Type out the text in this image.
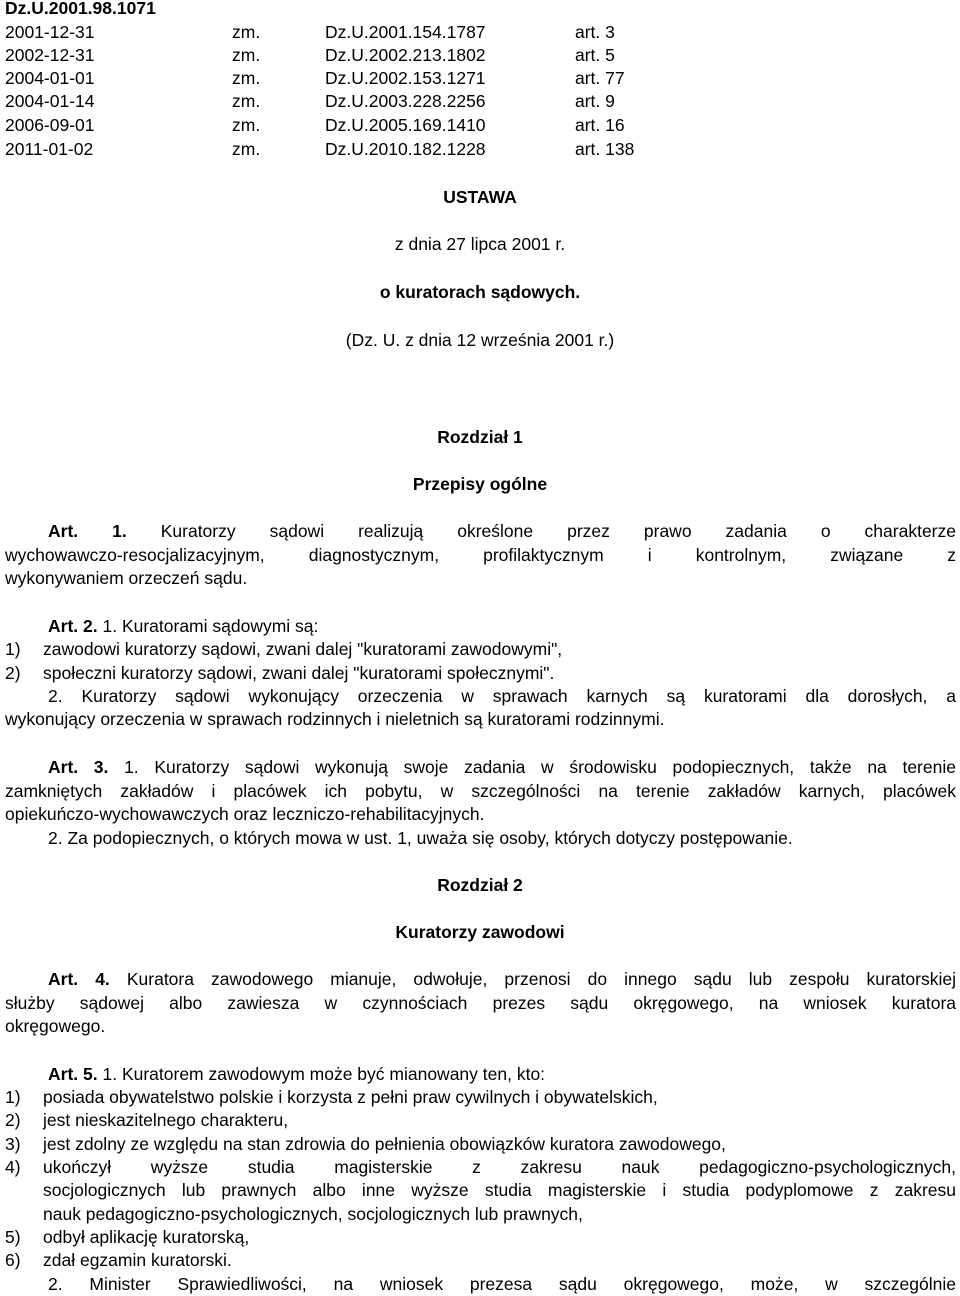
Dz.U.2001.98.1071
2001-12-31	zm.	Dz.U.2001.154.1787	art. 3
2002-12-31	zm.	Dz.U.2002.213.1802	art. 5
2004-01-01	zm.	Dz.U.2002.153.1271	art. 77
2004-01-14	zm.	Dz.U.2003.228.2256	art. 9
2006-09-01	zm.	Dz.U.2005.169.1410	art. 16
2011-01-02	zm.	Dz.U.2010.182.1228	art. 138
USTAWA
z dnia 27 lipca 2001 r.
o kuratorach sądowych.
(Dz. U. z dnia 12 września 2001 r.)
Rozdział 1
Przepisy ogólne
Art. 1. Kuratorzy sądowi realizują określone przez prawo zadania o charakterze
wychowawczo-resocjalizacyjnym, diagnostycznym, profilaktycznym i kontrolnym, związane z
wykonywaniem orzeczeń sądu.
Art. 2. 1. Kuratorami sądowymi są:
1) zawodowi kuratorzy sądowi, zwani dalej "kuratorami zawodowymi",
2) społeczni kuratorzy sądowi, zwani dalej "kuratorami społecznymi".
2. Kuratorzy sądowi wykonujący orzeczenia w sprawach karnych są kuratorami dla dorosłych, a
wykonujący orzeczenia w sprawach rodzinnych i nieletnich są kuratorami rodzinnymi.
Art. 3. 1. Kuratorzy sądowi wykonują swoje zadania w środowisku podopiecznych, także na terenie
zamkniętych zakładów i placówek ich pobytu, w szczególności na terenie zakładów karnych, placówek
opiekuńczo-wychowawczych oraz leczniczo-rehabilitacyjnych.
2. Za podopiecznych, o których mowa w ust. 1, uważa się osoby, których dotyczy postępowanie.
Rozdział 2
Kuratorzy zawodowi
Art. 4. Kuratora zawodowego mianuje, odwołuje, przenosi do innego sądu lub zespołu kuratorskiej
służby sądowej albo zawiesza w czynnościach prezes sądu okręgowego, na wniosek kuratora
okręgowego.
Art. 5. 1. Kuratorem zawodowym może być mianowany ten, kto:
1) posiada obywatelstwo polskie i korzysta z pełni praw cywilnych i obywatelskich,
2) jest nieskazitelnego charakteru,
3) jest zdolny ze względu na stan zdrowia do pełnienia obowiązków kuratora zawodowego,
4) ukończył wyższe studia magisterskie z zakresu nauk pedagogiczno-psychologicznych,
socjologicznych lub prawnych albo inne wyższe studia magisterskie i studia podyplomowe z zakresu
nauk pedagogiczno-psychologicznych, socjologicznych lub prawnych,
5) odbył aplikację kuratorską,
6) zdał egzamin kuratorski.
2. Minister Sprawiedliwości, na wniosek prezesa sądu okręgowego, może, w szczególnie
